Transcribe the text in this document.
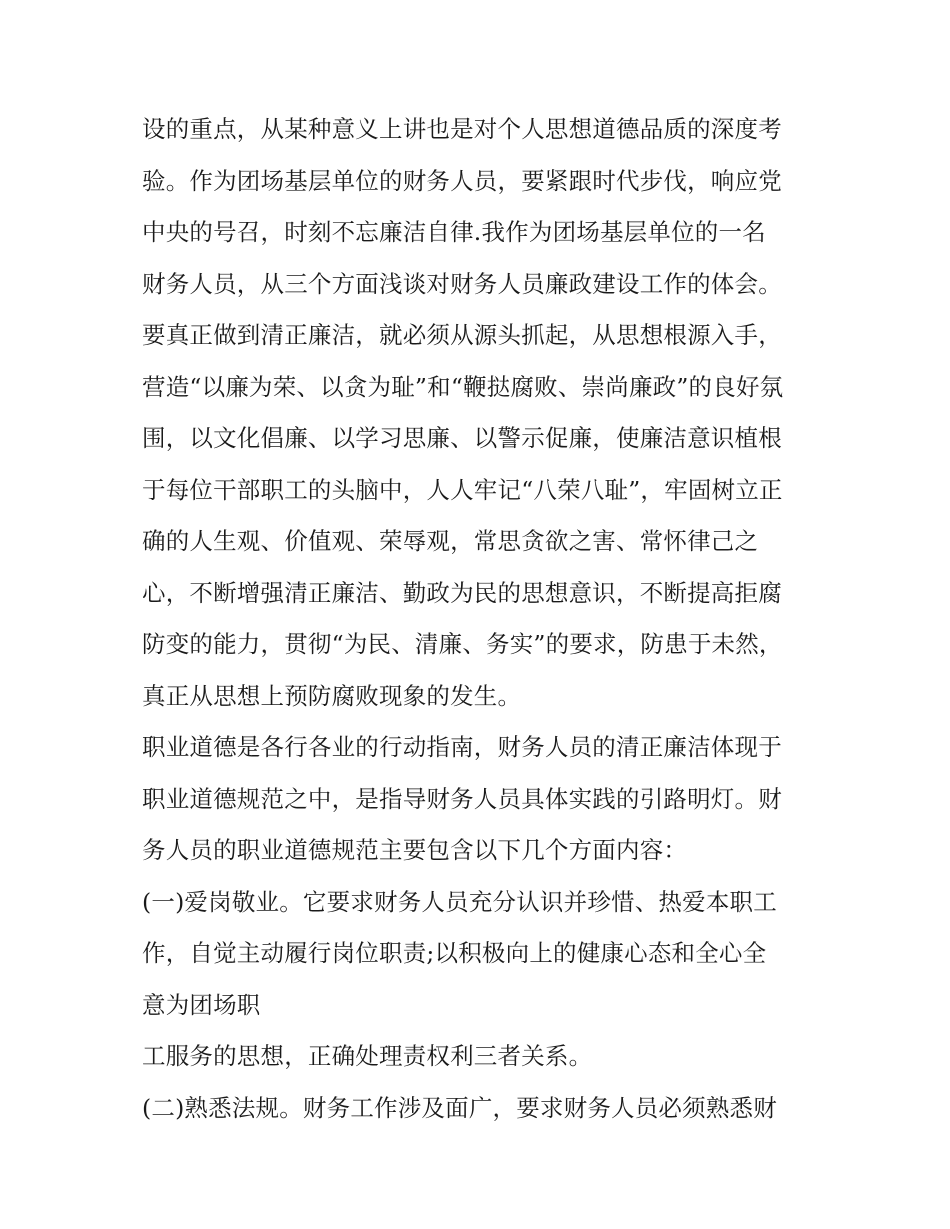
设的重点，从某种意义上讲也是对个人思想道德品质的深度考
验。作为团场基层单位的财务人员，要紧跟时代步伐，响应党
中央的号召，时刻不忘廉洁自律.我作为团场基层单位的一名
财务人员，从三个方面浅谈对财务人员廉政建设工作的体会。
要真正做到清正廉洁，就必须从源头抓起，从思想根源入手，
营造“以廉为荣、以贪为耻”和“鞭挞腐败、崇尚廉政”的良好氛
围，以文化倡廉、以学习思廉、以警示促廉，使廉洁意识植根
于每位干部职工的头脑中，人人牢记“八荣八耻”，牢固树立正
确的人生观、价值观、荣辱观，常思贪欲之害、常怀律己之
心，不断增强清正廉洁、勤政为民的思想意识，不断提高拒腐
防变的能力，贯彻“为民、清廉、务实”的要求，防患于未然，
真正从思想上预防腐败现象的发生。
职业道德是各行各业的行动指南，财务人员的清正廉洁体现于
职业道德规范之中，是指导财务人员具体实践的引路明灯。财
务人员的职业道德规范主要包含以下几个方面内容：
(一)爱岗敬业。它要求财务人员充分认识并珍惜、热爱本职工
作，自觉主动履行岗位职责;以积极向上的健康心态和全心全
意为团场职
工服务的思想，正确处理责权利三者关系。
(二)熟悉法规。财务工作涉及面广，要求财务人员必须熟悉财
